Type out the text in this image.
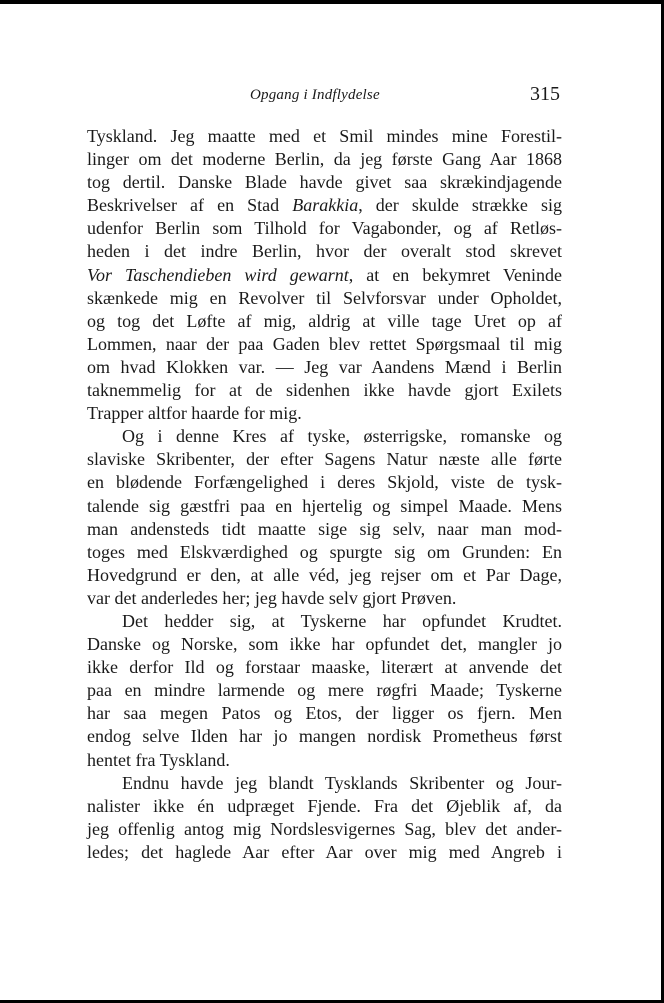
Opgang i Indflydelse	315
Tyskland. Jeg maatte med et Smil mindes mine Forestil-
linger om det moderne Berlin, da jeg første Gang Aar 1868
tog dertil. Danske Blade havde givet saa skrækindjagende
Beskrivelser af en Stad Barakkia, der skulde strække sig
udenfor Berlin som Tilhold for Vagabonder, og af Retløs-
heden i det indre Berlin, hvor der overalt stod skrevet
Vor Taschendieben wird gewarnt, at en bekymret Veninde
skænkede mig en Revolver til Selvforsvar under Opholdet,
og tog det Løfte af mig, aldrig at ville tage Uret op af
Lommen, naar der paa Gaden blev rettet Spørgsmaal til mig
om hvad Klokken var. — Jeg var Aandens Mænd i Berlin
taknemmelig for at de sidenhen ikke havde gjort Exilets
Trapper altfor haarde for mig.
Og i denne Kres af tyske, østerrigske, romanske og
slaviske Skribenter, der efter Sagens Natur næste alle førte
en blødende Forfængelighed i deres Skjold, viste de tysk-
talende sig gæstfri paa en hjertelig og simpel Maade. Mens
man andensteds tidt maatte sige sig selv, naar man mod-
toges med Elskværdighed og spurgte sig om Grunden: En
Hovedgrund er den, at alle véd, jeg rejser om et Par Dage,
var det anderledes her; jeg havde selv gjort Prøven.
Det hedder sig, at Tyskerne har opfundet Krudtet.
Danske og Norske, som ikke har opfundet det, mangler jo
ikke derfor Ild og forstaar maaske, literært at anvende det
paa en mindre larmende og mere røgfri Maade; Tyskerne
har saa megen Patos og Etos, der ligger os fjern. Men
endog selve Ilden har jo mangen nordisk Prometheus først
hentet fra Tyskland.
Endnu havde jeg blandt Tysklands Skribenter og Jour-
nalister ikke én udpræget Fjende. Fra det Øjeblik af, da
jeg offenlig antog mig Nordslesvigernes Sag, blev det ander-
ledes; det haglede Aar efter Aar over mig med Angreb i
